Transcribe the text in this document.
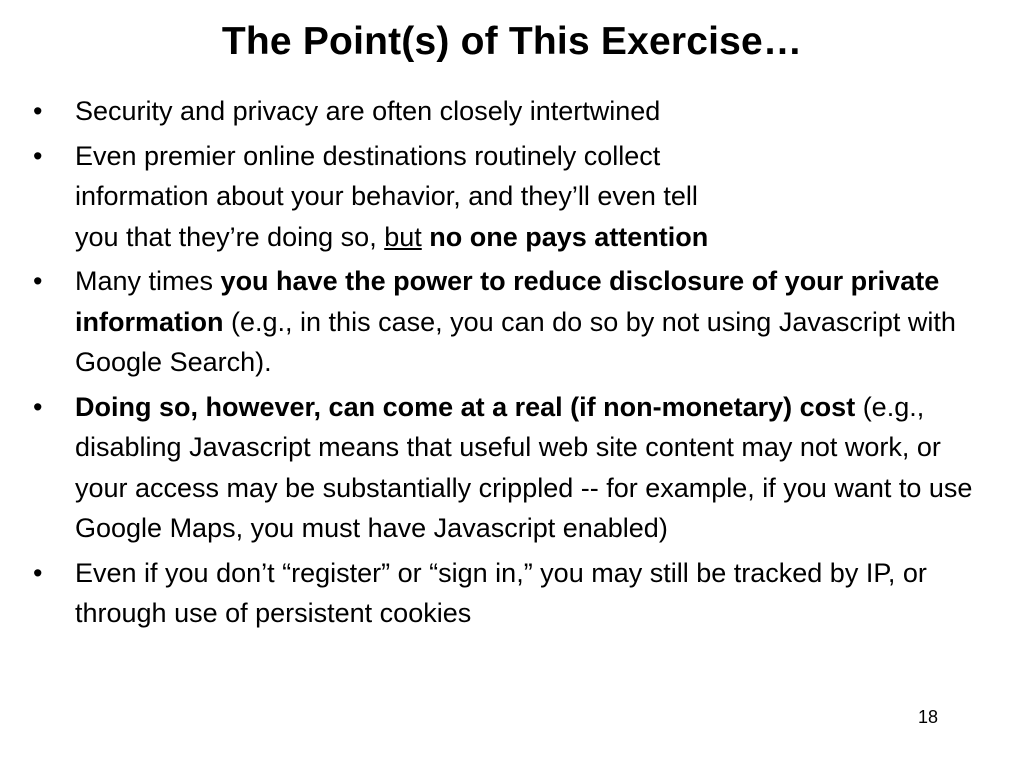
The Point(s) of This Exercise…
•	Security and privacy are often closely intertwined
•	Even premier online destinations routinely collect
information about your behavior, and they’ll even tell
you that they’re doing so, but no one pays attention
•	Many times you have the power to reduce disclosure of your private information (e.g., in this case, you can do so by not using Javascript with Google Search).
•	Doing so, however, can come at a real (if non-monetary) cost (e.g., disabling Javascript means that useful web site content may not work, or your access may be substantially crippled -- for example, if you want to use Google Maps, you must have Javascript enabled)
•	Even if you don’t “register” or “sign in,” you may still be tracked by IP, or through use of persistent cookies
18
